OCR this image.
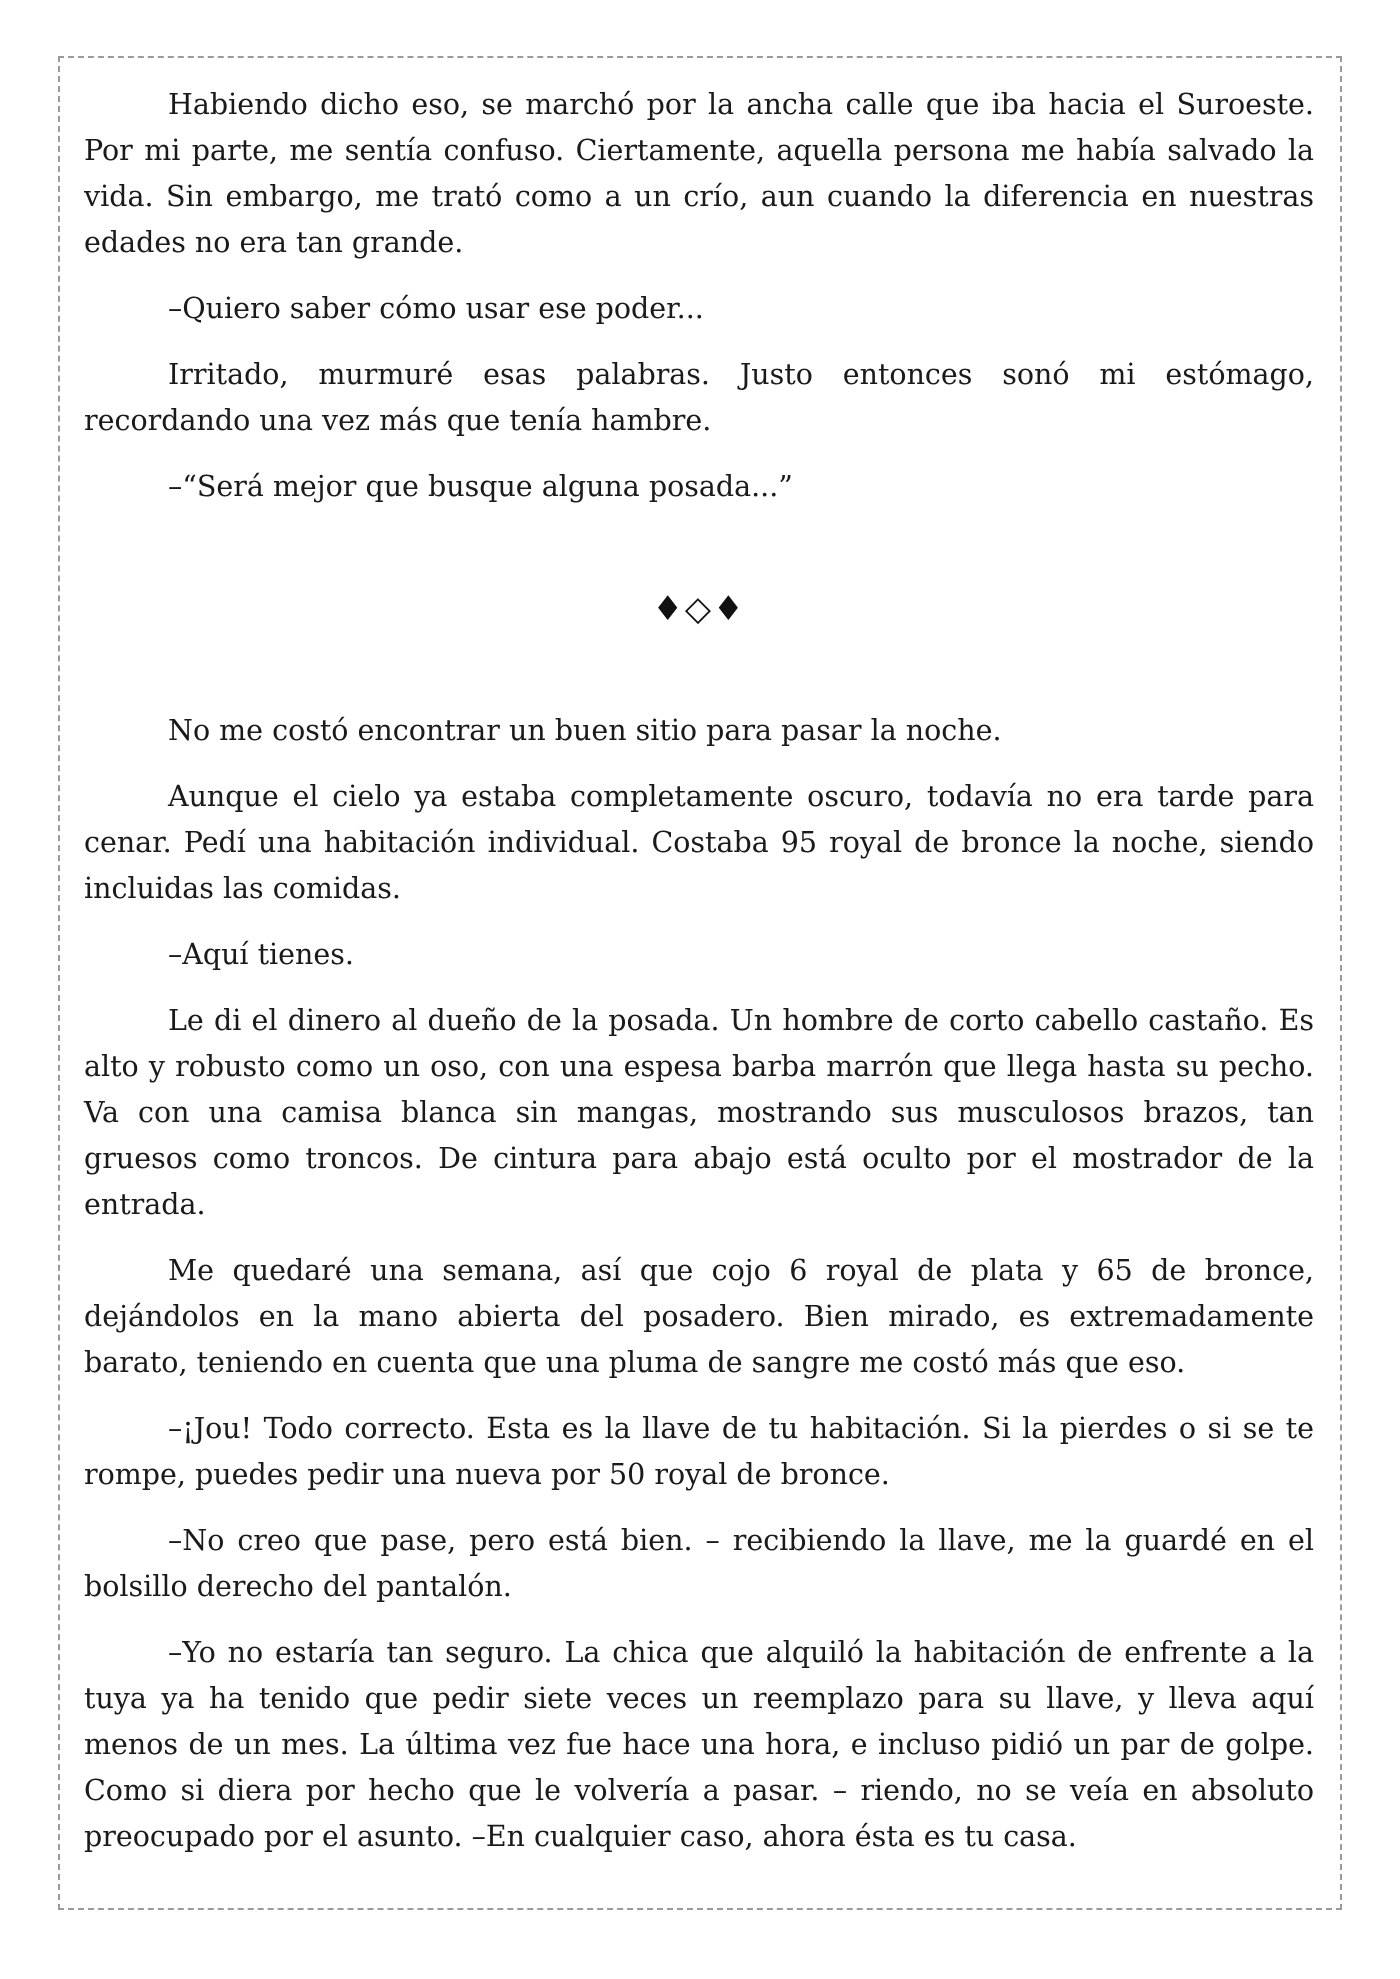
Habiendo dicho eso, se marchó por la ancha calle que iba hacia el Suroeste. Por mi parte, me sentía confuso. Ciertamente, aquella persona me había salvado la vida. Sin embargo, me trató como a un crío, aun cuando la diferencia en nuestras edades no era tan grande.

–Quiero saber cómo usar ese poder...

Irritado, murmuré esas palabras. Justo entonces sonó mi estómago, recordando una vez más que tenía hambre.

–“Será mejor que busque alguna posada...”

♦◇♦

No me costó encontrar un buen sitio para pasar la noche.

Aunque el cielo ya estaba completamente oscuro, todavía no era tarde para cenar. Pedí una habitación individual. Costaba 95 royal de bronce la noche, siendo incluidas las comidas.

–Aquí tienes.

Le di el dinero al dueño de la posada. Un hombre de corto cabello castaño. Es alto y robusto como un oso, con una espesa barba marrón que llega hasta su pecho. Va con una camisa blanca sin mangas, mostrando sus musculosos brazos, tan gruesos como troncos. De cintura para abajo está oculto por el mostrador de la entrada.

Me quedaré una semana, así que cojo 6 royal de plata y 65 de bronce, dejándolos en la mano abierta del posadero. Bien mirado, es extremadamente barato, teniendo en cuenta que una pluma de sangre me costó más que eso.

–¡Jou! Todo correcto. Esta es la llave de tu habitación. Si la pierdes o si se te rompe, puedes pedir una nueva por 50 royal de bronce.

–No creo que pase, pero está bien. – recibiendo la llave, me la guardé en el bolsillo derecho del pantalón.

–Yo no estaría tan seguro. La chica que alquiló la habitación de enfrente a la tuya ya ha tenido que pedir siete veces un reemplazo para su llave, y lleva aquí menos de un mes. La última vez fue hace una hora, e incluso pidió un par de golpe. Como si diera por hecho que le volvería a pasar. – riendo, no se veía en absoluto preocupado por el asunto. –En cualquier caso, ahora ésta es tu casa.
